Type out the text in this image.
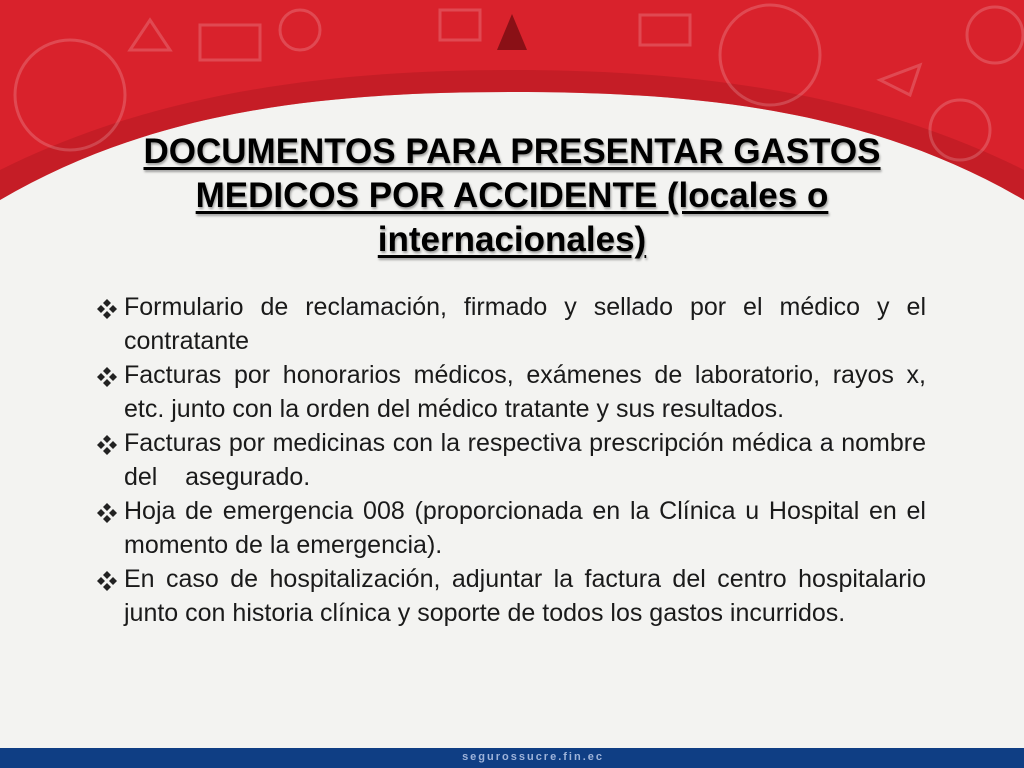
DOCUMENTOS PARA PRESENTAR GASTOS MEDICOS POR ACCIDENTE (locales o internacionales)
Formulario de reclamación, firmado y sellado por el médico y el contratante
Facturas por honorarios médicos, exámenes de laboratorio, rayos x, etc. junto con la orden del médico tratante y sus resultados.
Facturas por medicinas con la respectiva prescripción médica a nombre del    asegurado.
Hoja de emergencia 008 (proporcionada en la Clínica u Hospital en el momento de la emergencia).
En caso de hospitalización, adjuntar la factura del centro hospitalario junto con historia clínica y soporte de todos los gastos incurridos.
segurossucre.fin.ec
